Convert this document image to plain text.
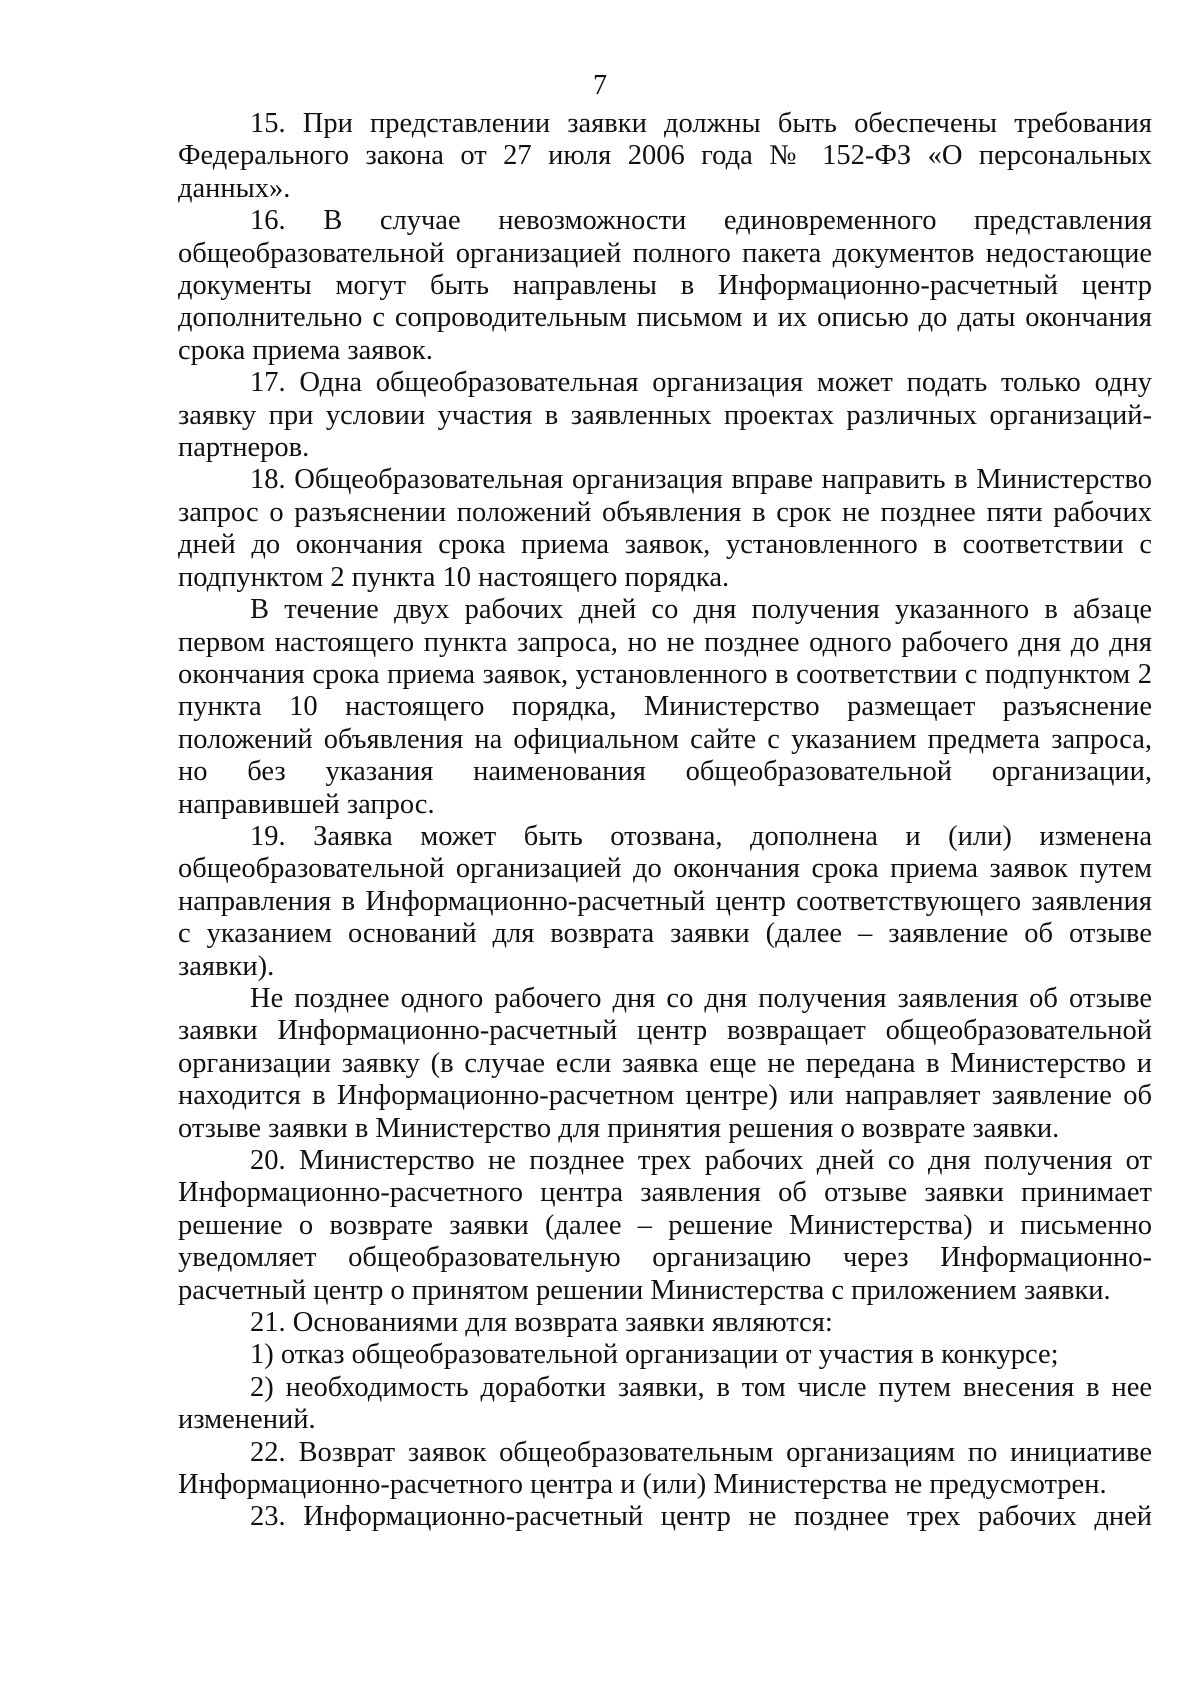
7

15. При представлении заявки должны быть обеспечены требования Федерального закона от 27 июля 2006 года № 152-ФЗ «О персональных данных».

16. В случае невозможности единовременного представления общеобразовательной организацией полного пакета документов недостающие документы могут быть направлены в Информационно-расчетный центр дополнительно с сопроводительным письмом и их описью до даты окончания срока приема заявок.

17. Одна общеобразовательная организация может подать только одну заявку при условии участия в заявленных проектах различных организаций-партнеров.

18. Общеобразовательная организация вправе направить в Министерство запрос о разъяснении положений объявления в срок не позднее пяти рабочих дней до окончания срока приема заявок, установленного в соответствии с подпунктом 2 пункта 10 настоящего порядка.

В течение двух рабочих дней со дня получения указанного в абзаце первом настоящего пункта запроса, но не позднее одного рабочего дня до дня окончания срока приема заявок, установленного в соответствии с подпунктом 2 пункта 10 настоящего порядка, Министерство размещает разъяснение положений объявления на официальном сайте с указанием предмета запроса, но без указания наименования общеобразовательной организации, направившей запрос.

19. Заявка может быть отозвана, дополнена и (или) изменена общеобразовательной организацией до окончания срока приема заявок путем направления в Информационно-расчетный центр соответствующего заявления с указанием оснований для возврата заявки (далее – заявление об отзыве заявки).

Не позднее одного рабочего дня со дня получения заявления об отзыве заявки Информационно-расчетный центр возвращает общеобразовательной организации заявку (в случае если заявка еще не передана в Министерство и находится в Информационно-расчетном центре) или направляет заявление об отзыве заявки в Министерство для принятия решения о возврате заявки.

20. Министерство не позднее трех рабочих дней со дня получения от Информационно-расчетного центра заявления об отзыве заявки принимает решение о возврате заявки (далее – решение Министерства) и письменно уведомляет общеобразовательную организацию через Информационно-расчетный центр о принятом решении Министерства с приложением заявки.

21. Основаниями для возврата заявки являются:

1) отказ общеобразовательной организации от участия в конкурсе;

2) необходимость доработки заявки, в том числе путем внесения в нее изменений.

22. Возврат заявок общеобразовательным организациям по инициативе Информационно-расчетного центра и (или) Министерства не предусмотрен.

23. Информационно-расчетный центр не позднее трех рабочих дней
